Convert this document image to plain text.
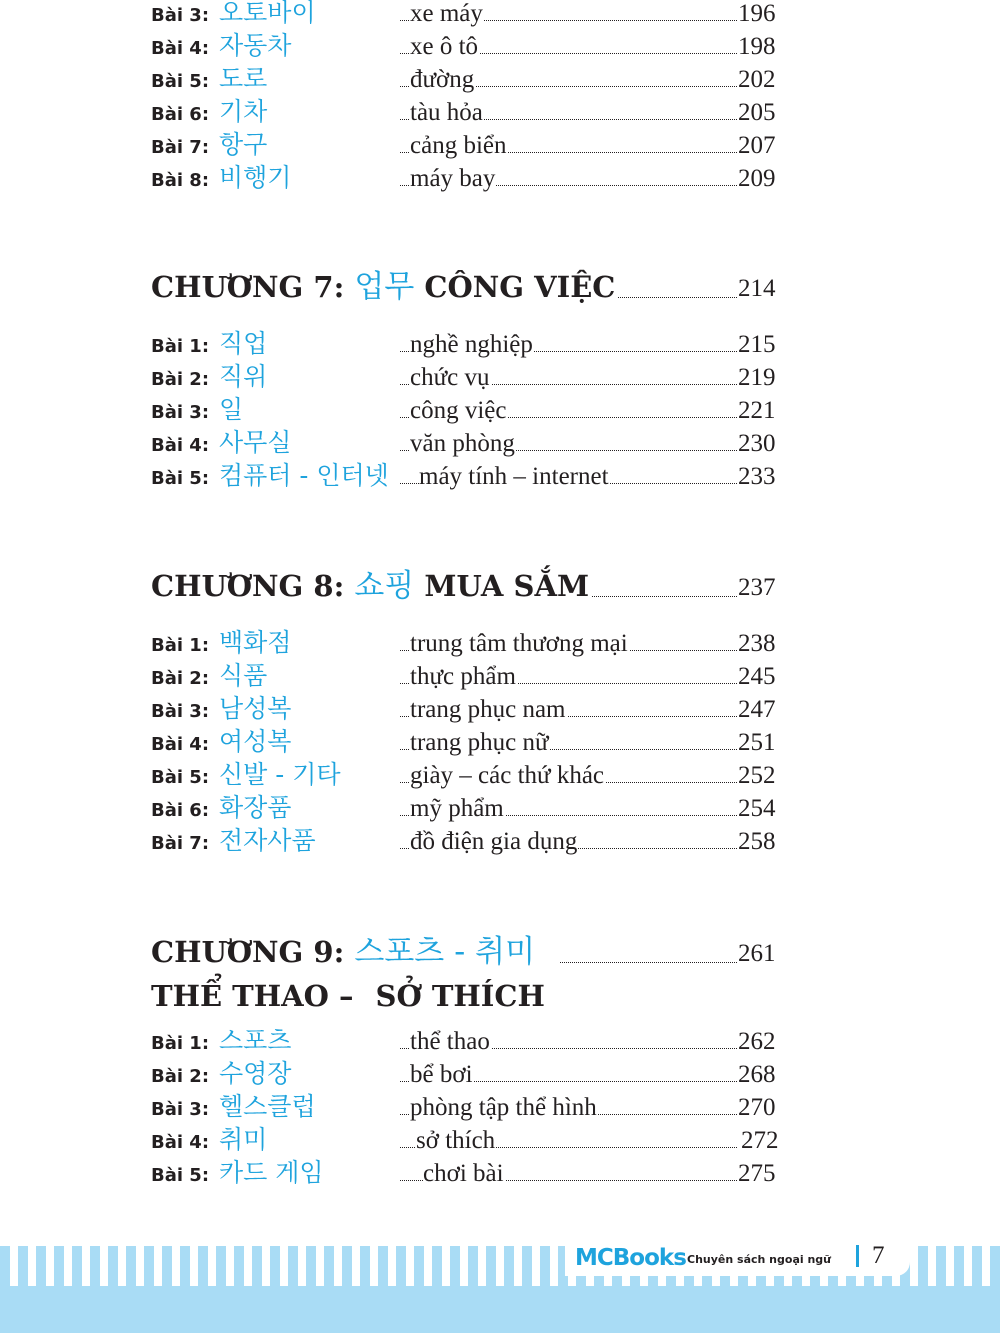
Bài 3: 오토바이	xe máy	196
Bài 4: 자동차	xe ô tô	198
Bài 5: 도로	đường	202
Bài 6: 기차	tàu hỏa	205
Bài 7: 항구	cảng biển	207
Bài 8: 비행기	máy bay	209
CHƯƠNG 7: 업무 CÔNG VIỆC	214
Bài 1: 직업	nghề nghiệp	215
Bài 2: 직위	chức vụ	219
Bài 3: 일	công việc	221
Bài 4: 사무실	văn phòng	230
Bài 5: 컴퓨터 - 인터넷 máy tính – internet	233
CHƯƠNG 8: 쇼핑 MUA SẮM	237
Bài 1: 백화점	trung tâm thương mại	238
Bài 2: 식품	thực phẩm	245
Bài 3: 남성복	trang phục nam	247
Bài 4: 여성복	trang phục nữ	251
Bài 5: 신발 - 기타	giày – các thứ khác	252
Bài 6: 화장품	mỹ phẩm	254
Bài 7: 전자사품	đồ điện gia dụng	258
CHƯƠNG 9: 스포츠 - 취미	261
THỂ THAO – SỞ THÍCH
Bài 1: 스포츠	thể thao	262
Bài 2: 수영장	bể bơi	268
Bài 3: 헬스클럽	phòng tập thể hình	270
Bài 4: 취미	sở thích	272
Bài 5: 카드 게임	chơi bài	275
MCBooks Chuyên sách ngoại ngữ 7
